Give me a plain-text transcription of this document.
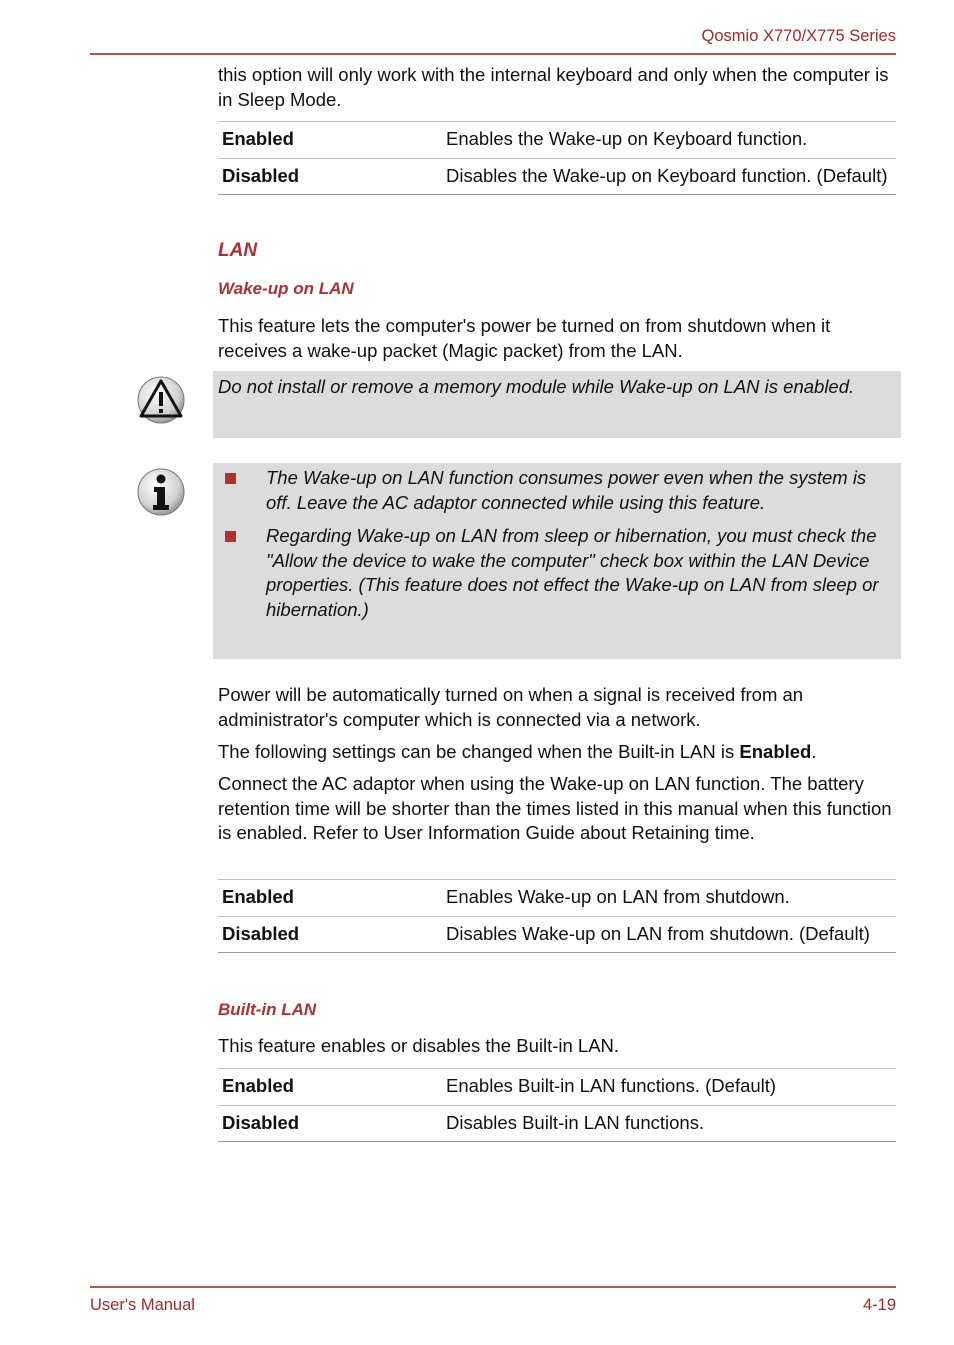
Qosmio X770/X775 Series

this option will only work with the internal keyboard and only when the computer is in Sleep Mode.

Enabled	Enables the Wake-up on Keyboard function.
Disabled	Disables the Wake-up on Keyboard function. (Default)
LAN
Wake-up on LAN

This feature lets the computer's power be turned on from shutdown when it receives a wake-up packet (Magic packet) from the LAN.

Do not install or remove a memory module while Wake-up on LAN is enabled.
The Wake-up on LAN function consumes power even when the system is off. Leave the AC adaptor connected while using this feature.
Regarding Wake-up on LAN from sleep or hibernation, you must check the "Allow the device to wake the computer" check box within the LAN Device properties. (This feature does not effect the Wake-up on LAN from sleep or hibernation.)

Power will be automatically turned on when a signal is received from an administrator's computer which is connected via a network.

The following settings can be changed when the Built-in LAN is Enabled.

Connect the AC adaptor when using the Wake-up on LAN function. The battery retention time will be shorter than the times listed in this manual when this function is enabled. Refer to User Information Guide about Retaining time.

Enabled	Enables Wake-up on LAN from shutdown.
Disabled	Disables Wake-up on LAN from shutdown. (Default)
Built-in LAN

This feature enables or disables the Built-in LAN.

Enabled	Enables Built-in LAN functions. (Default)
Disabled	Disables Built-in LAN functions.
User's Manual	4-19
